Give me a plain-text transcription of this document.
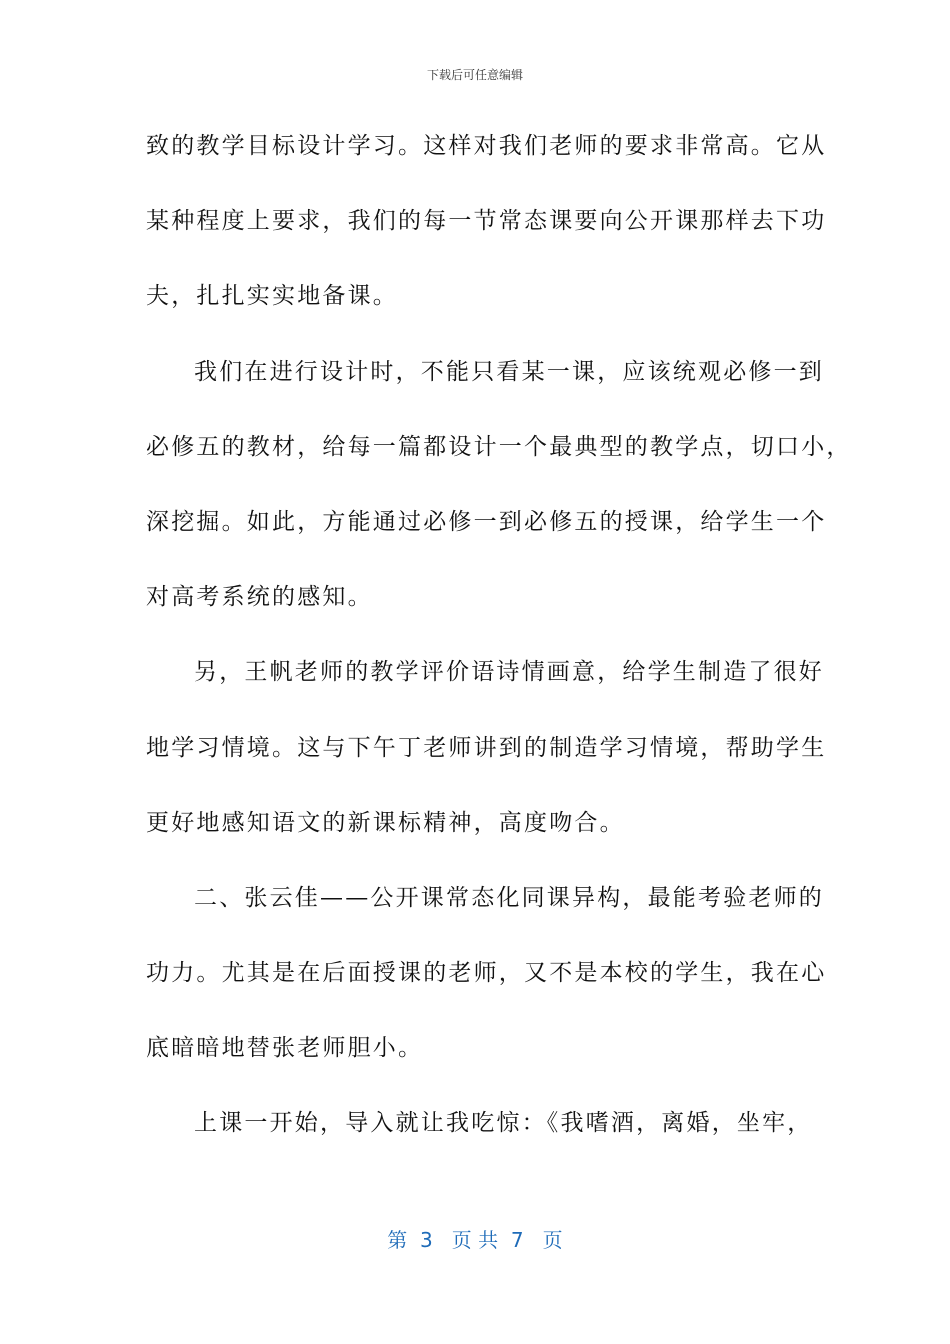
下载后可任意编辑
致的教学目标设计学习。这样对我们老师的要求非常高。它从
某种程度上要求，我们的每一节常态课要向公开课那样去下功
夫，扎扎实实地备课。
我们在进行设计时，不能只看某一课，应该统观必修一到
必修五的教材，给每一篇都设计一个最典型的教学点，切口小，
深挖掘。如此，方能通过必修一到必修五的授课，给学生一个
对高考系统的感知。
另，王帆老师的教学评价语诗情画意，给学生制造了很好
地学习情境。这与下午丁老师讲到的制造学习情境，帮助学生
更好地感知语文的新课标精神，高度吻合。
二、张云佳——公开课常态化同课异构，最能考验老师的
功力。尤其是在后面授课的老师，又不是本校的学生，我在心
底暗暗地替张老师胆小。
上课一开始，导入就让我吃惊：《我嗜酒，离婚，坐牢，
第  3   页 共  7   页
